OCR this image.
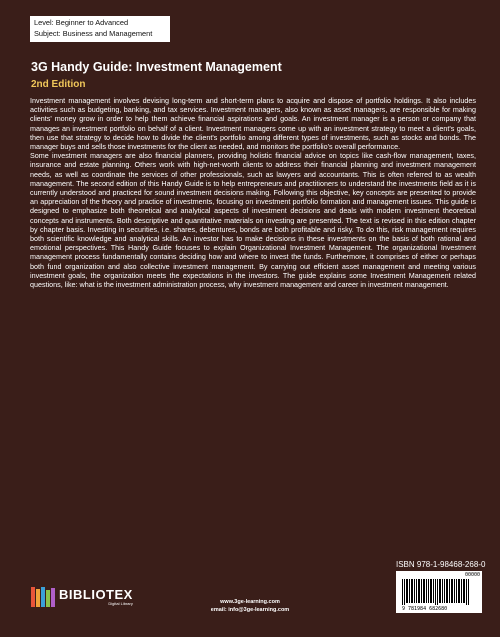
Level: Beginner to Advanced
Subject: Business and Management
3G Handy Guide: Investment Management
2nd Edition

Investment management involves devising long-term and short-term plans to acquire and dispose of portfolio holdings. It also includes activities such as budgeting, banking, and tax services. Investment managers, also known as asset managers, are responsible for making clients' money grow in order to help them achieve financial aspirations and goals. An investment manager is a person or company that manages an investment portfolio on behalf of a client. Investment managers come up with an investment strategy to meet a client's goals, then use that strategy to decide how to divide the client's portfolio among different types of investments, such as stocks and bonds. The manager buys and sells those investments for the client as needed, and monitors the portfolio's overall performance.

Some investment managers are also financial planners, providing holistic financial advice on topics like cash-flow management, taxes, insurance and estate planning. Others work with high-net-worth clients to address their financial planning and investment management needs, as well as coordinate the services of other professionals, such as lawyers and accountants. This is often referred to as wealth management. The second edition of this Handy Guide is to help entrepreneurs and practitioners to understand the investments field as it is currently understood and practiced for sound investment decisions making. Following this objective, key concepts are presented to provide an appreciation of the theory and practice of investments, focusing on investment portfolio formation and management issues. This guide is designed to emphasize both theoretical and analytical aspects of investment decisions and deals with modern investment theoretical concepts and instruments. Both descriptive and quantitative materials on investing are presented. The text is revised in this edition chapter by chapter basis. Investing in securities, i.e. shares, debentures, bonds are both profitable and risky. To do this, risk management requires both scientific knowledge and analytical skills. An investor has to make decisions in these investments on the basis of both rational and emotional perspectives. This Handy Guide focuses to explain Organizational Investment Management. The organizational Investment management process fundamentally contains deciding how and where to invest the funds. Furthermore, it comprises of either or perhaps both fund organization and also collective investment management. By carrying out efficient asset management and meeting various investment goals, the organization meets the expectations in the investors. The guide explains some Investment Management related questions, like: what is the investment administration process, why investment management and career in investment management.

ISBN 978-1-98468-268-0
00000
9 781984 682680
BIBLIOTEX
Digital Library	www.3ge-learning.com
email: info@3ge-learning.com
